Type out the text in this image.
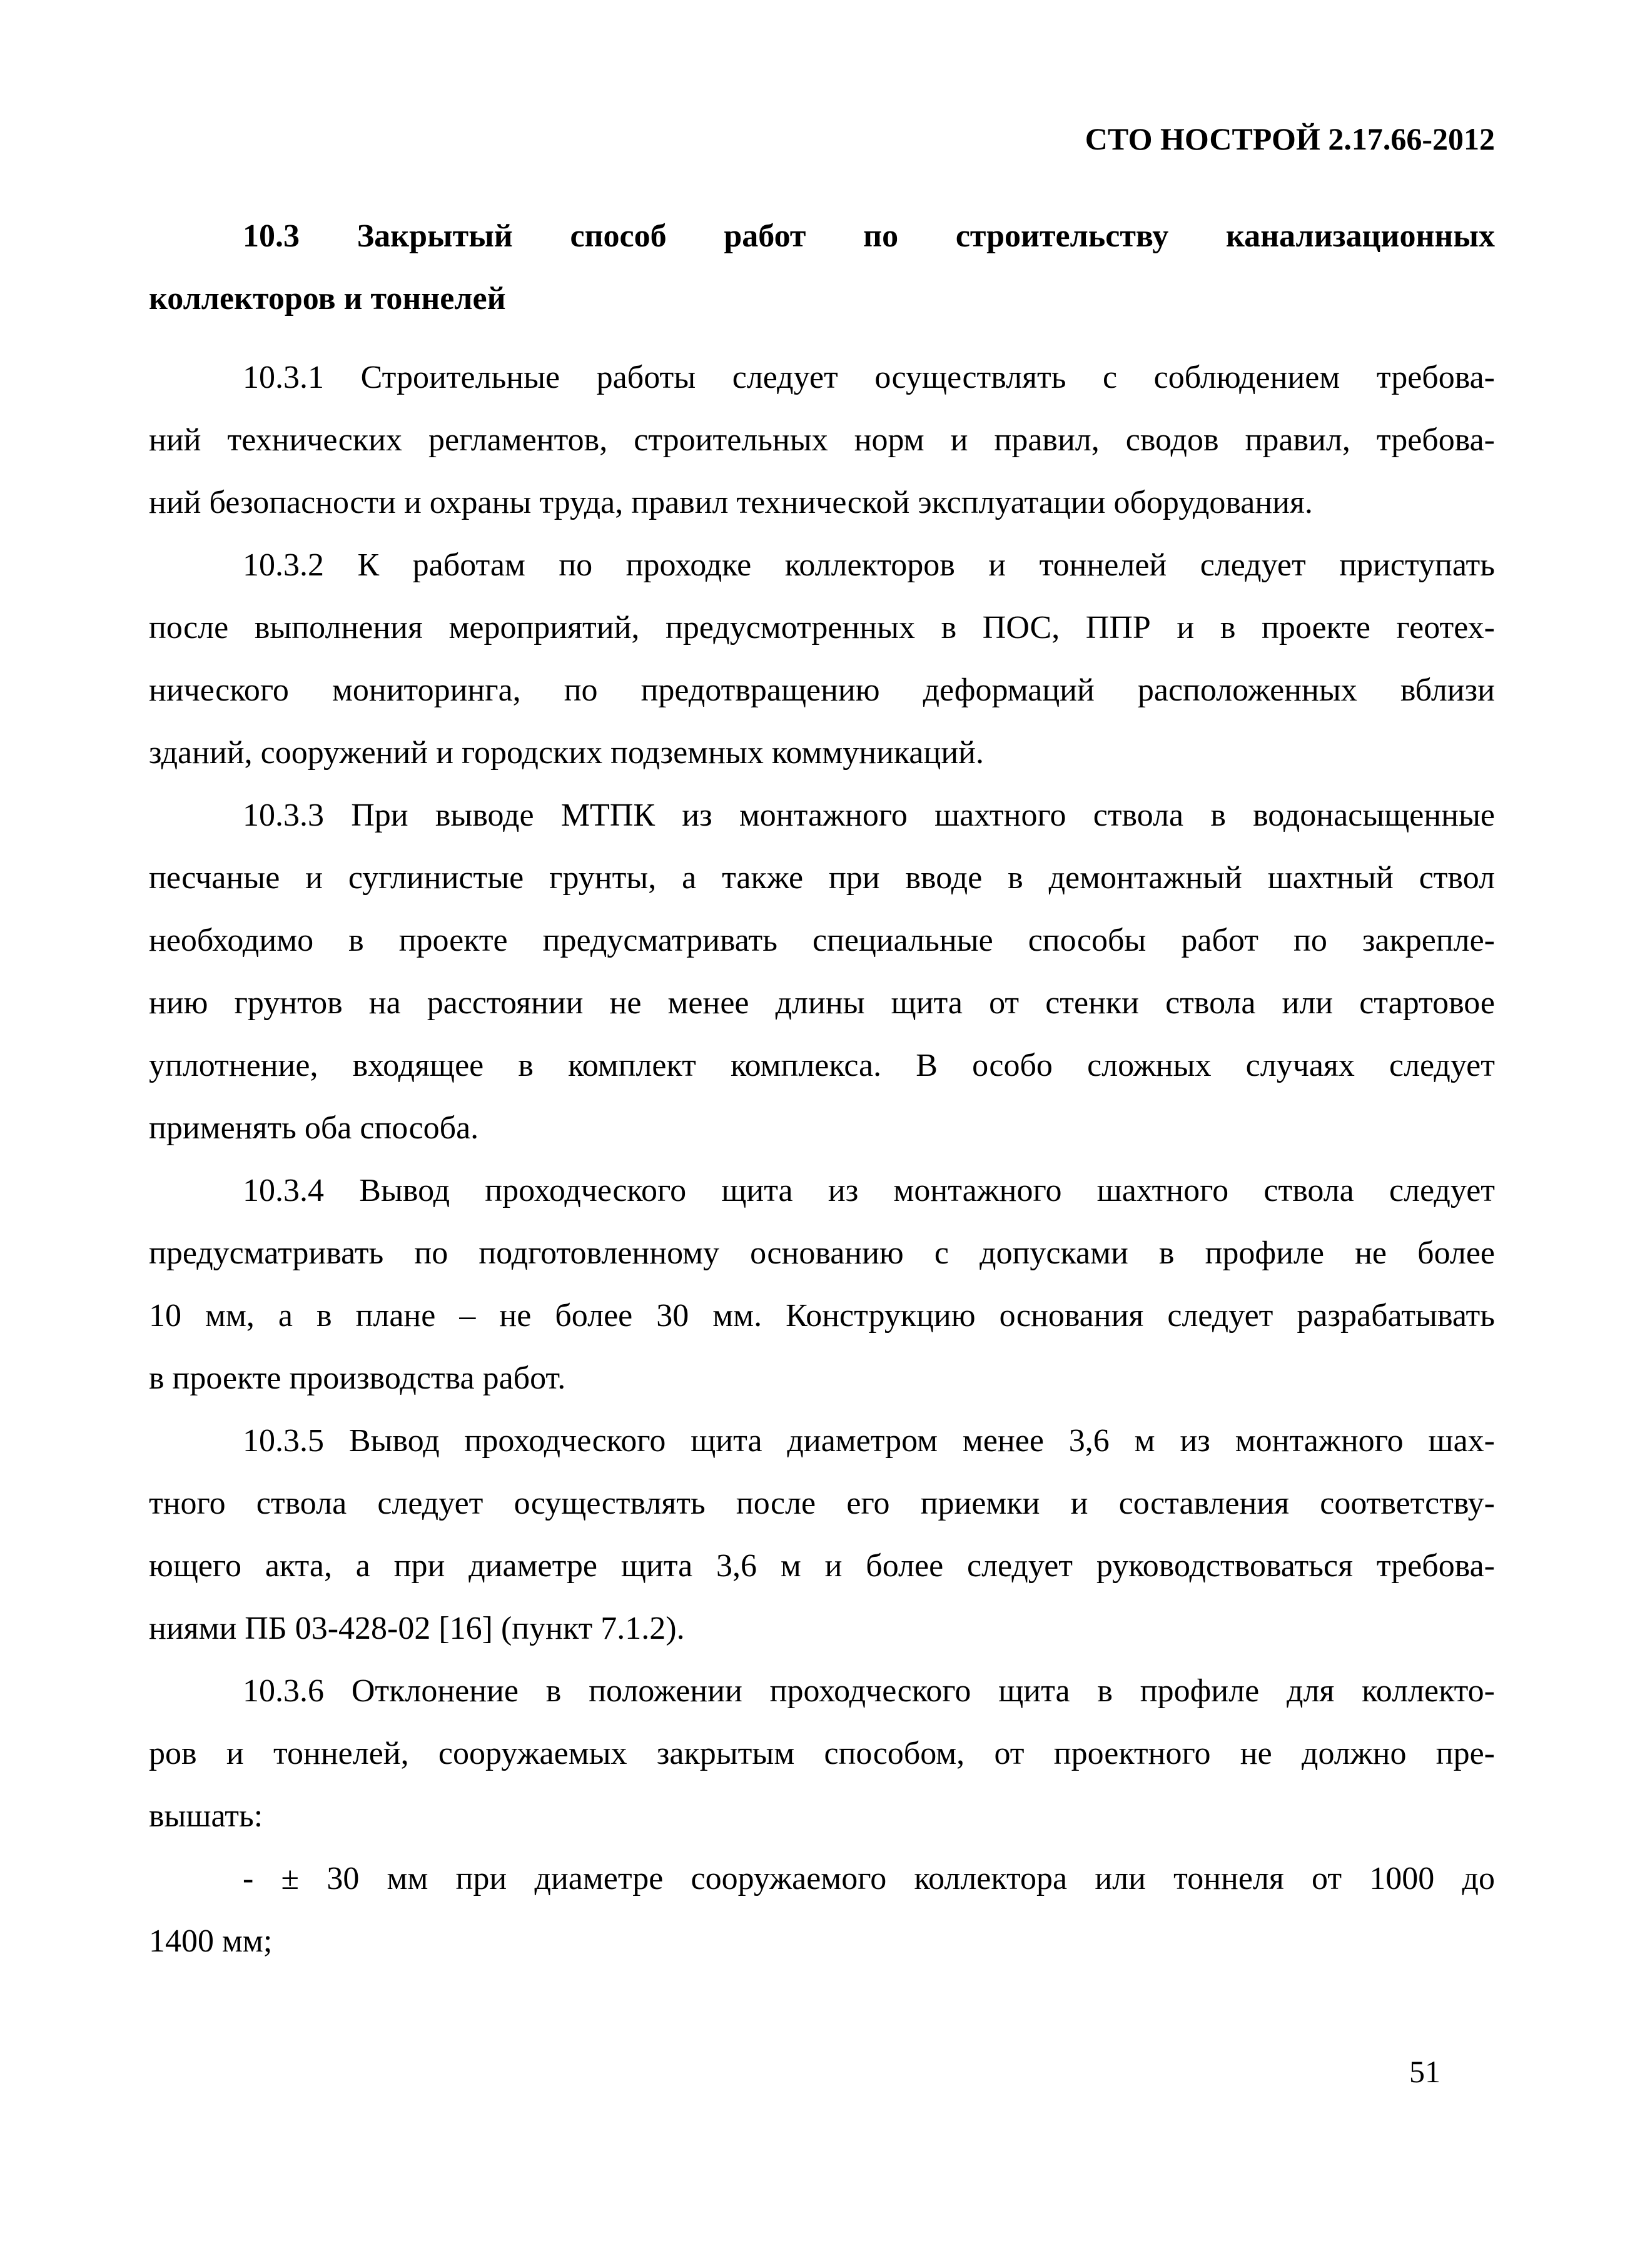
СТО НОСТРОЙ 2.17.66-2012
10.3 Закрытый способ работ по строительству канализационных
коллекторов и тоннелей
10.3.1 Строительные работы следует осуществлять с соблюдением требова-
ний технических регламентов, строительных норм и правил, сводов правил, требова-
ний безопасности и охраны труда, правил технической эксплуатации оборудования.
10.3.2 К работам по проходке коллекторов и тоннелей следует приступать
после выполнения мероприятий, предусмотренных в ПОС, ППР и в проекте геотех-
нического мониторинга, по предотвращению деформаций расположенных вблизи
зданий, сооружений и городских подземных коммуникаций.
10.3.3 При выводе МТПК из монтажного шахтного ствола в водонасыщенные
песчаные и суглинистые грунты, а также при вводе в демонтажный шахтный ствол
необходимо в проекте предусматривать специальные способы работ по закрепле-
нию грунтов на расстоянии не менее длины щита от стенки ствола или стартовое
уплотнение, входящее в комплект комплекса. В особо сложных случаях следует
применять оба способа.
10.3.4 Вывод проходческого щита из монтажного шахтного ствола следует
предусматривать по подготовленному основанию с допусками в профиле не более
10 мм, а в плане – не более 30 мм. Конструкцию основания следует разрабатывать
в проекте производства работ.
10.3.5 Вывод проходческого щита диаметром менее 3,6 м из монтажного шах-
тного ствола следует осуществлять после его приемки и составления соответству-
ющего акта, а при диаметре щита 3,6 м и более следует руководствоваться требова-
ниями ПБ 03-428-02 [16] (пункт 7.1.2).
10.3.6 Отклонение в положении проходческого щита в профиле для коллекто-
ров и тоннелей, сооружаемых закрытым способом, от проектного не должно пре-
вышать:
- ± 30 мм при диаметре сооружаемого коллектора или тоннеля от 1000 до
1400 мм;
51
